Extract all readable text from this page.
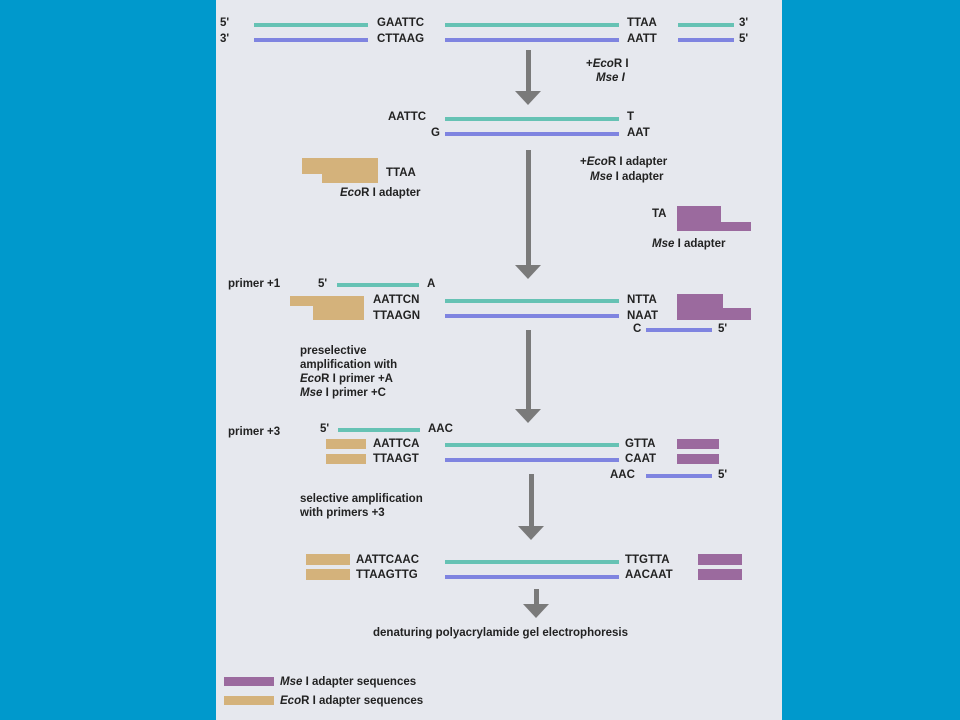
5'
3'
GAATTC
CTTAAG
TTAA
AATT
3'
5'
+EcoR I
Mse I
AATTC
G
T
AAT
TTAA
EcoR I adapter
+EcoR I adapter
Mse I adapter
TA
Mse I adapter
primer +1	5'	A
AATTCN
TTAAGN
NTTA
NAAT
C	5'
preselective
amplification with
EcoR I primer +A
Mse I primer +C
primer +3	5'	AAC
AATTCA
TTAAGT
GTTA
CAAT
AAC	5'
selective amplification
with primers +3
AATTCAAC
TTAAGTTG
TTGTTA
AACAAT
denaturing polyacrylamide gel electrophoresis
Mse I adapter sequences
EcoR I adapter sequences
